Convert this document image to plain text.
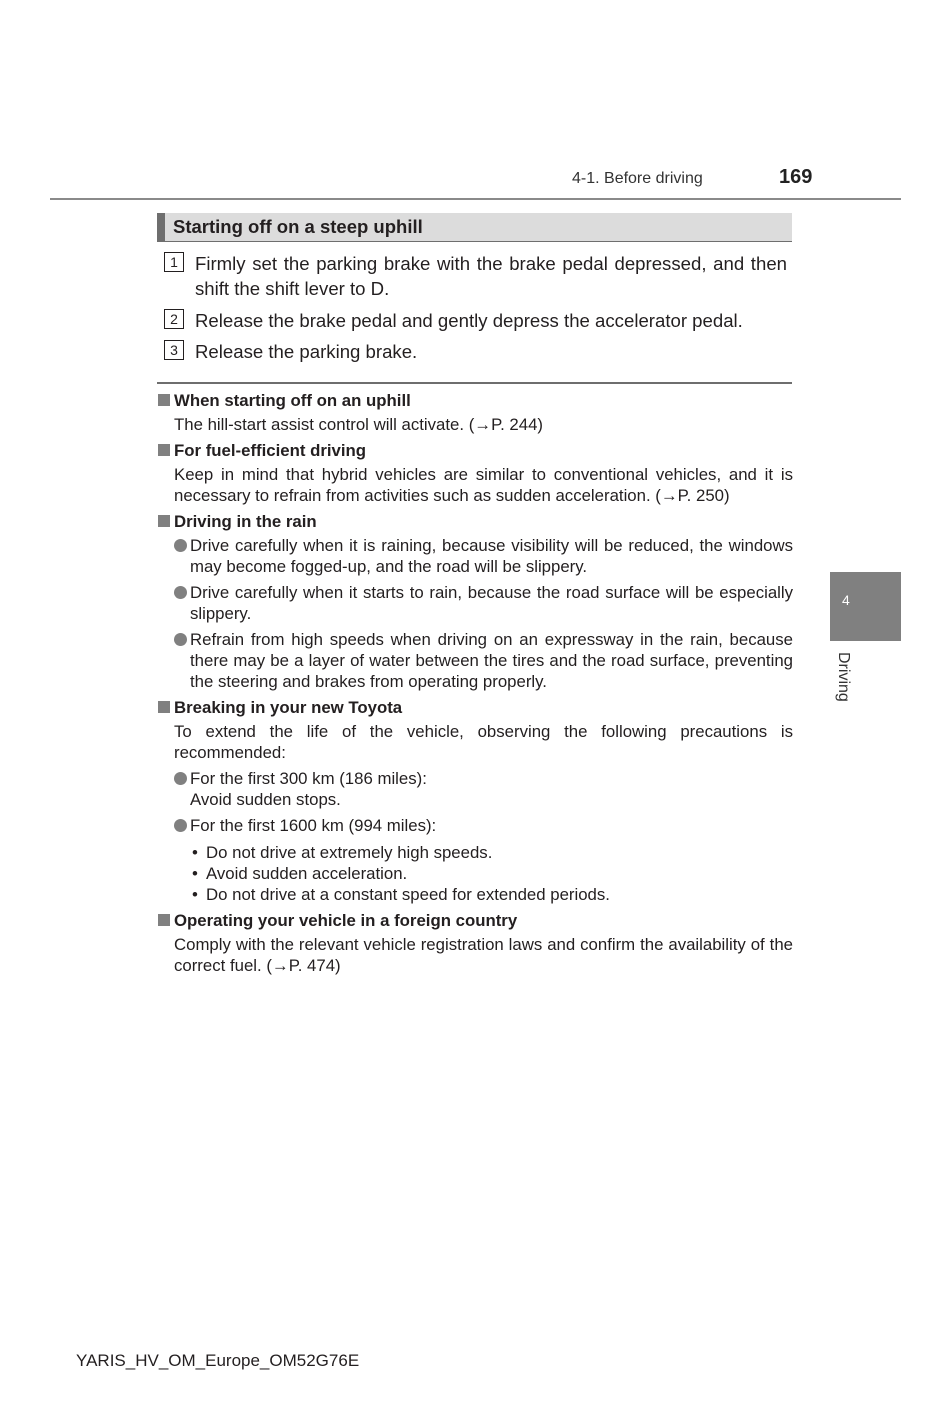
4-1. Before driving	169
Starting off on a steep uphill
1 Firmly set the parking brake with the brake pedal depressed, and then shift the shift lever to D.
2 Release the brake pedal and gently depress the accelerator pedal.
3 Release the parking brake.
When starting off on an uphill
The hill-start assist control will activate. (→P. 244)
For fuel-efficient driving
Keep in mind that hybrid vehicles are similar to conventional vehicles, and it is necessary to refrain from activities such as sudden acceleration. (→P. 250)
Driving in the rain
Drive carefully when it is raining, because visibility will be reduced, the windows may become fogged-up, and the road will be slippery.
Drive carefully when it starts to rain, because the road surface will be especially slippery.
Refrain from high speeds when driving on an expressway in the rain, because there may be a layer of water between the tires and the road surface, preventing the steering and brakes from operating properly.
Breaking in your new Toyota
To extend the life of the vehicle, observing the following precautions is recommended:
For the first 300 km (186 miles):
Avoid sudden stops.
For the first 1600 km (994 miles):
• Do not drive at extremely high speeds.
• Avoid sudden acceleration.
• Do not drive at a constant speed for extended periods.
Operating your vehicle in a foreign country
Comply with the relevant vehicle registration laws and confirm the availability of the correct fuel. (→P. 474)
4
Driving
YARIS_HV_OM_Europe_OM52G76E
